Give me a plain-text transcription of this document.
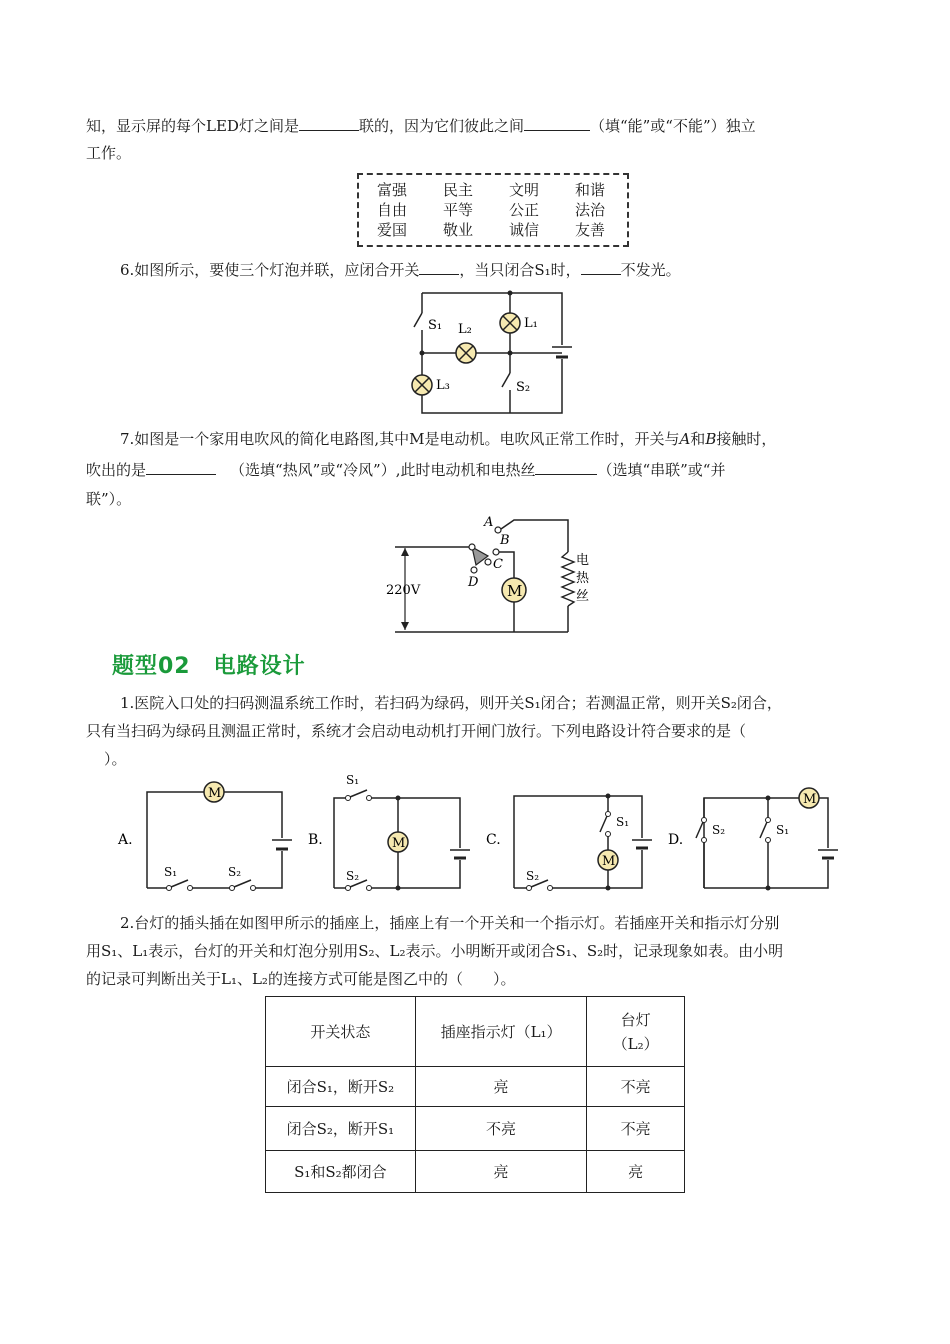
知，显示屏的每个LED灯之间是	联的，因为它们彼此之间	（填“能”或“不能”）独立
工作。
富强	民主	文明	和谐
自由	平等	公正	法治
爱国	敬业	诚信	友善
6.如图所示，要使三个灯泡并联，应闭合开关	，当只闭合S₁时，	不发光。
S₁ L₂	L₁
L₃	S₂
7.如图是一个家用电吹风的简化电路图,其中M是电动机。电吹风正常工作时，开关与A和B接触时，
吹出的是	（选填“热风”或“冷风”）,此时电动机和电热丝	（选填“串联”或“并
联”）。
220V
A
B
C
D
电
热
丝
M
题型02　电路设计
1.医院入口处的扫码测温系统工作时，若扫码为绿码，则开关S₁闭合；若测温正常，则开关S₂闭合，
只有当扫码为绿码且测温正常时，系统才会启动电动机打开闸门放行。下列电路设计符合要求的是（
）。
A.
M
S₁	S₂
B.	M
S₁
S₂
C.
M
S₁
S₂
D.
M
S₂	S₁
2.台灯的插头插在如图甲所示的插座上，插座上有一个开关和一个指示灯。若插座开关和指示灯分别
用S₁、L₁表示，台灯的开关和灯泡分别用S₂、L₂表示。小明断开或闭合S₁、S₂时，记录现象如表。由小明
的记录可判断出关于L₁、L₂的连接方式可能是图乙中的（　　）。
开关状态	插座指示灯（L₁）	台灯
（L₂）

闭合S₁，断开S₂	亮	不亮
闭合S₂，断开S₁	不亮	不亮
S₁和S₂都闭合	亮	亮
